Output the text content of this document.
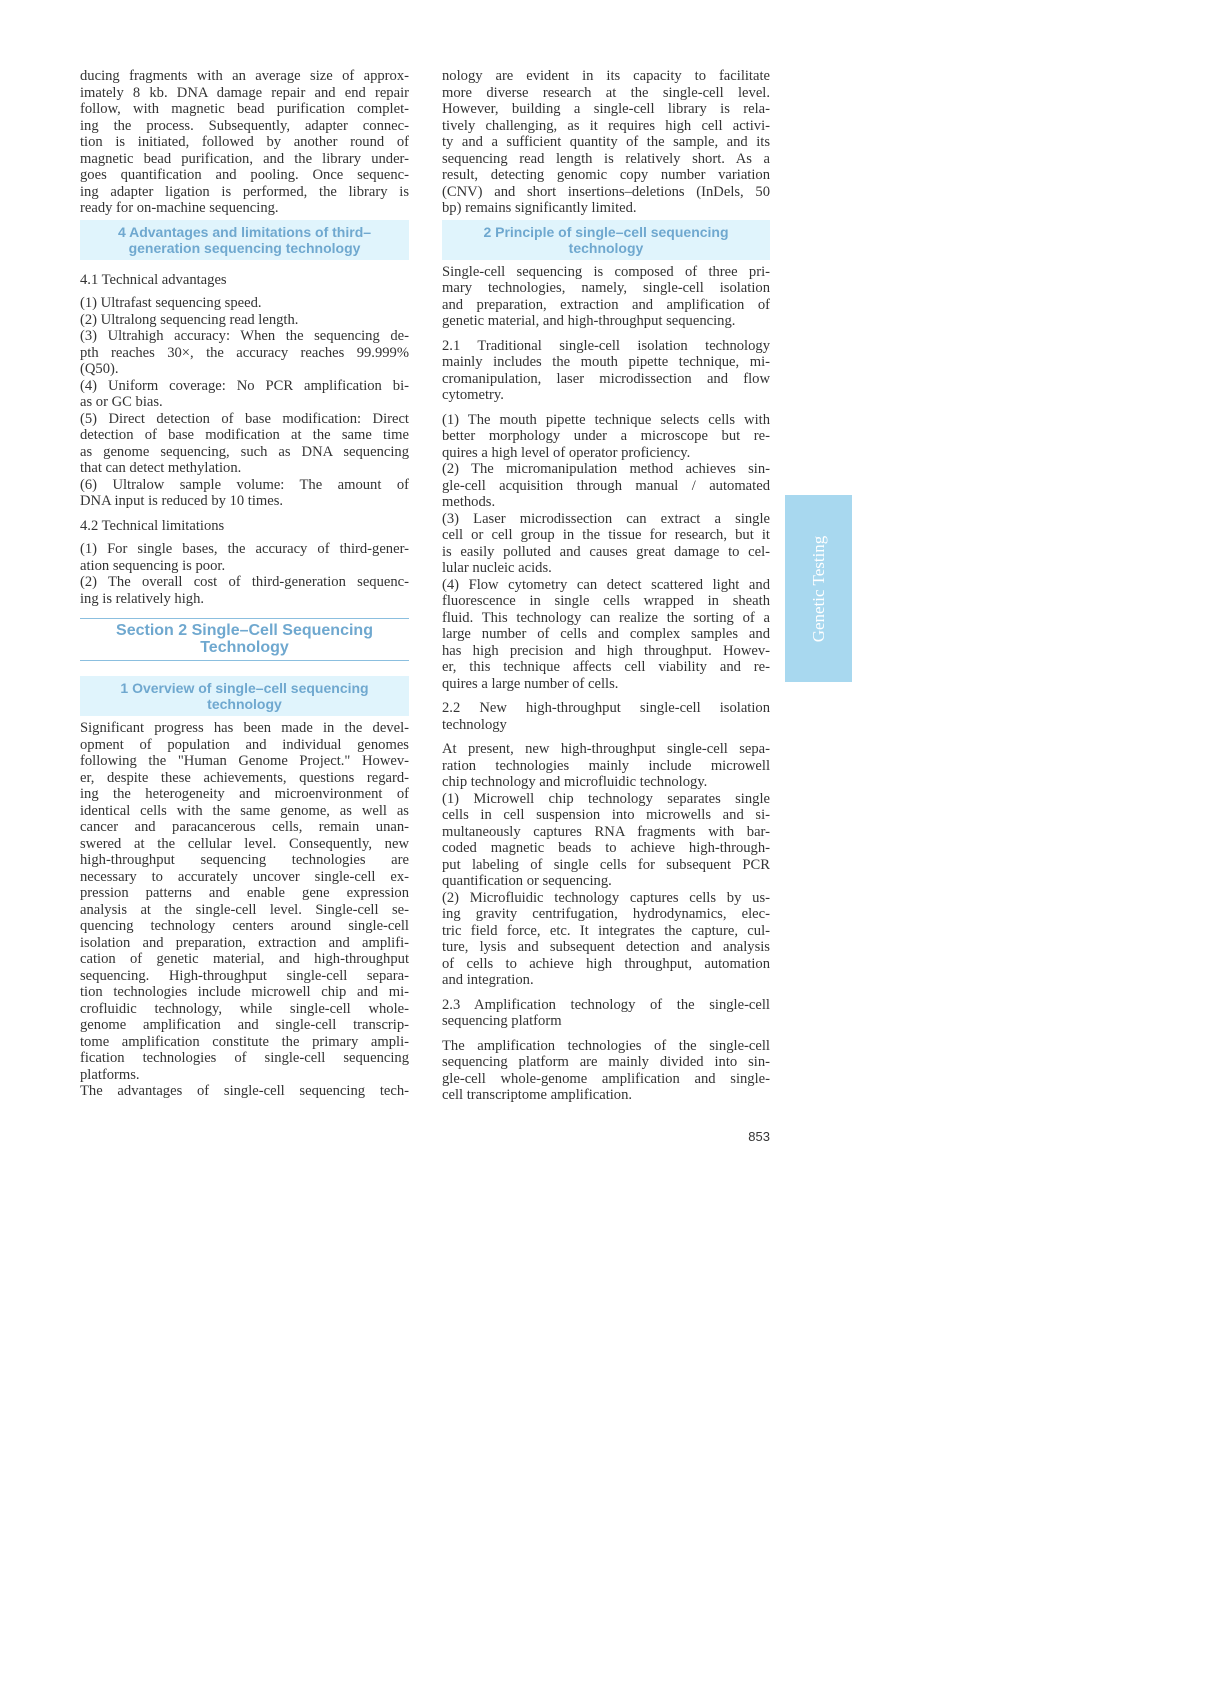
ducing fragments with an average size of approx-
imately 8 kb. DNA damage repair and end repair
follow, with magnetic bead purification complet-
ing the process. Subsequently, adapter connec-
tion is initiated, followed by another round of
magnetic bead purification, and the library under-
goes quantification and pooling. Once sequenc-
ing adapter ligation is performed, the library is
ready for on-machine sequencing.
4 Advantages and limitations of third–
generation sequencing technology
4.1 Technical advantages
(1) Ultrafast sequencing speed.
(2) Ultralong sequencing read length.
(3) Ultrahigh accuracy: When the sequencing de-
pth reaches 30×, the accuracy reaches 99.999%
(Q50).
(4) Uniform coverage: No PCR amplification bi-
as or GC bias.
(5) Direct detection of base modification: Direct
detection of base modification at the same time
as genome sequencing, such as DNA sequencing
that can detect methylation.
(6) Ultralow sample volume: The amount of
DNA input is reduced by 10 times.
4.2 Technical limitations
(1) For single bases, the accuracy of third-gener-
ation sequencing is poor.
(2) The overall cost of third-generation sequenc-
ing is relatively high.
Section 2 Single–Cell Sequencing
Technology
1 Overview of single–cell sequencing
technology
Significant progress has been made in the devel-
opment of population and individual genomes
following the "Human Genome Project." Howev-
er, despite these achievements, questions regard-
ing the heterogeneity and microenvironment of
identical cells with the same genome, as well as
cancer and paracancerous cells, remain unan-
swered at the cellular level. Consequently, new
high-throughput sequencing technologies are
necessary to accurately uncover single-cell ex-
pression patterns and enable gene expression
analysis at the single-cell level. Single-cell se-
quencing technology centers around single-cell
isolation and preparation, extraction and amplifi-
cation of genetic material, and high-throughput
sequencing. High-throughput single-cell separa-
tion technologies include microwell chip and mi-
crofluidic technology, while single-cell whole-
genome amplification and single-cell transcrip-
tome amplification constitute the primary ampli-
fication technologies of single-cell sequencing
platforms.
The advantages of single-cell sequencing tech-
nology are evident in its capacity to facilitate
more diverse research at the single-cell level.
However, building a single-cell library is rela-
tively challenging, as it requires high cell activi-
ty and a sufficient quantity of the sample, and its
sequencing read length is relatively short. As a
result, detecting genomic copy number variation
(CNV) and short insertions–deletions (InDels, 50
bp) remains significantly limited.
2 Principle of single–cell sequencing
technology
Single-cell sequencing is composed of three pri-
mary technologies, namely, single-cell isolation
and preparation, extraction and amplification of
genetic material, and high-throughput sequencing.
2.1 Traditional single-cell isolation technology
mainly includes the mouth pipette technique, mi-
cromanipulation, laser microdissection and flow
cytometry.
(1) The mouth pipette technique selects cells with
better morphology under a microscope but re-
quires a high level of operator proficiency.
(2) The micromanipulation method achieves sin-
gle-cell acquisition through manual / automated
methods.
(3) Laser microdissection can extract a single
cell or cell group in the tissue for research, but it
is easily polluted and causes great damage to cel-
lular nucleic acids.
(4) Flow cytometry can detect scattered light and
fluorescence in single cells wrapped in sheath
fluid. This technology can realize the sorting of a
large number of cells and complex samples and
has high precision and high throughput. Howev-
er, this technique affects cell viability and re-
quires a large number of cells.
2.2 New high-throughput single-cell isolation
technology
At present, new high-throughput single-cell sepa-
ration technologies mainly include microwell
chip technology and microfluidic technology.
(1) Microwell chip technology separates single
cells in cell suspension into microwells and si-
multaneously captures RNA fragments with bar-
coded magnetic beads to achieve high-through-
put labeling of single cells for subsequent PCR
quantification or sequencing.
(2) Microfluidic technology captures cells by us-
ing gravity centrifugation, hydrodynamics, elec-
tric field force, etc. It integrates the capture, cul-
ture, lysis and subsequent detection and analysis
of cells to achieve high throughput, automation
and integration.
2.3 Amplification technology of the single-cell
sequencing platform
The amplification technologies of the single-cell
sequencing platform are mainly divided into sin-
gle-cell whole-genome amplification and single-
cell transcriptome amplification.
Genetic Testing
853
